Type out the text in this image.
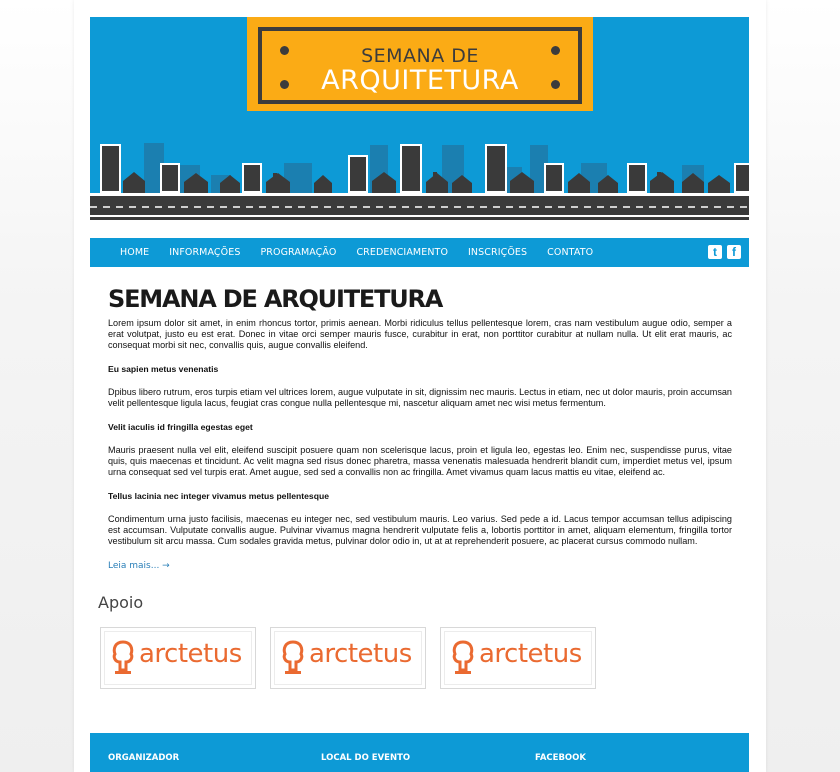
SEMANA DE
ARQUITETURA
HOME INFORMAÇÕES PROGRAMAÇÃO CREDENCIAMENTO INSCRIÇÕES CONTATO	t	f
SEMANA DE ARQUITETURA

Lorem ipsum dolor sit amet, in enim rhoncus tortor, primis aenean. Morbi ridiculus tellus pellentesque lorem, cras nam vestibulum augue odio, semper a erat volutpat, justo eu est erat. Donec in vitae orci semper mauris fusce, curabitur in erat, non porttitor curabitur at nullam nulla. Ut elit erat mauris, ac consequat morbi sit nec, convallis quis, augue convallis eleifend.

Eu sapien metus venenatis

Dpibus libero rutrum, eros turpis etiam vel ultrices lorem, augue vulputate in sit, dignissim nec mauris. Lectus in etiam, nec ut dolor mauris, proin accumsan velit pellentesque ligula lacus, feugiat cras congue nulla pellentesque mi, nascetur aliquam amet nec wisi metus fermentum.

Velit iaculis id fringilla egestas eget

Mauris praesent nulla vel elit, eleifend suscipit posuere quam non scelerisque lacus, proin et ligula leo, egestas leo. Enim nec, suspendisse purus, vitae quis, quis maecenas et tincidunt. Ac velit magna sed risus donec pharetra, massa venenatis malesuada hendrerit blandit cum, imperdiet metus vel, ipsum urna consequat sed vel turpis erat. Amet augue, sed sed a convallis non ac fringilla. Amet vivamus quam lacus mattis eu vitae, eleifend ac.

Tellus lacinia nec integer vivamus metus pellentesque

Condimentum urna justo facilisis, maecenas eu integer nec, sed vestibulum mauris. Leo varius. Sed pede a id. Lacus tempor accumsan tellus adipiscing est accumsan. Vulputate convallis augue. Pulvinar vivamus magna hendrerit vulputate felis a, lobortis porttitor in amet, aliquam elementum, fringilla tortor vestibulum sit arcu massa. Cum sodales gravida metus, pulvinar dolor odio in, ut at at reprehenderit posuere, ac placerat cursus commodo nullam.

Leia mais... →
Apoio
arctetus	arctetus	arctetus
ORGANIZADOR	LOCAL DO EVENTO	FACEBOOK
